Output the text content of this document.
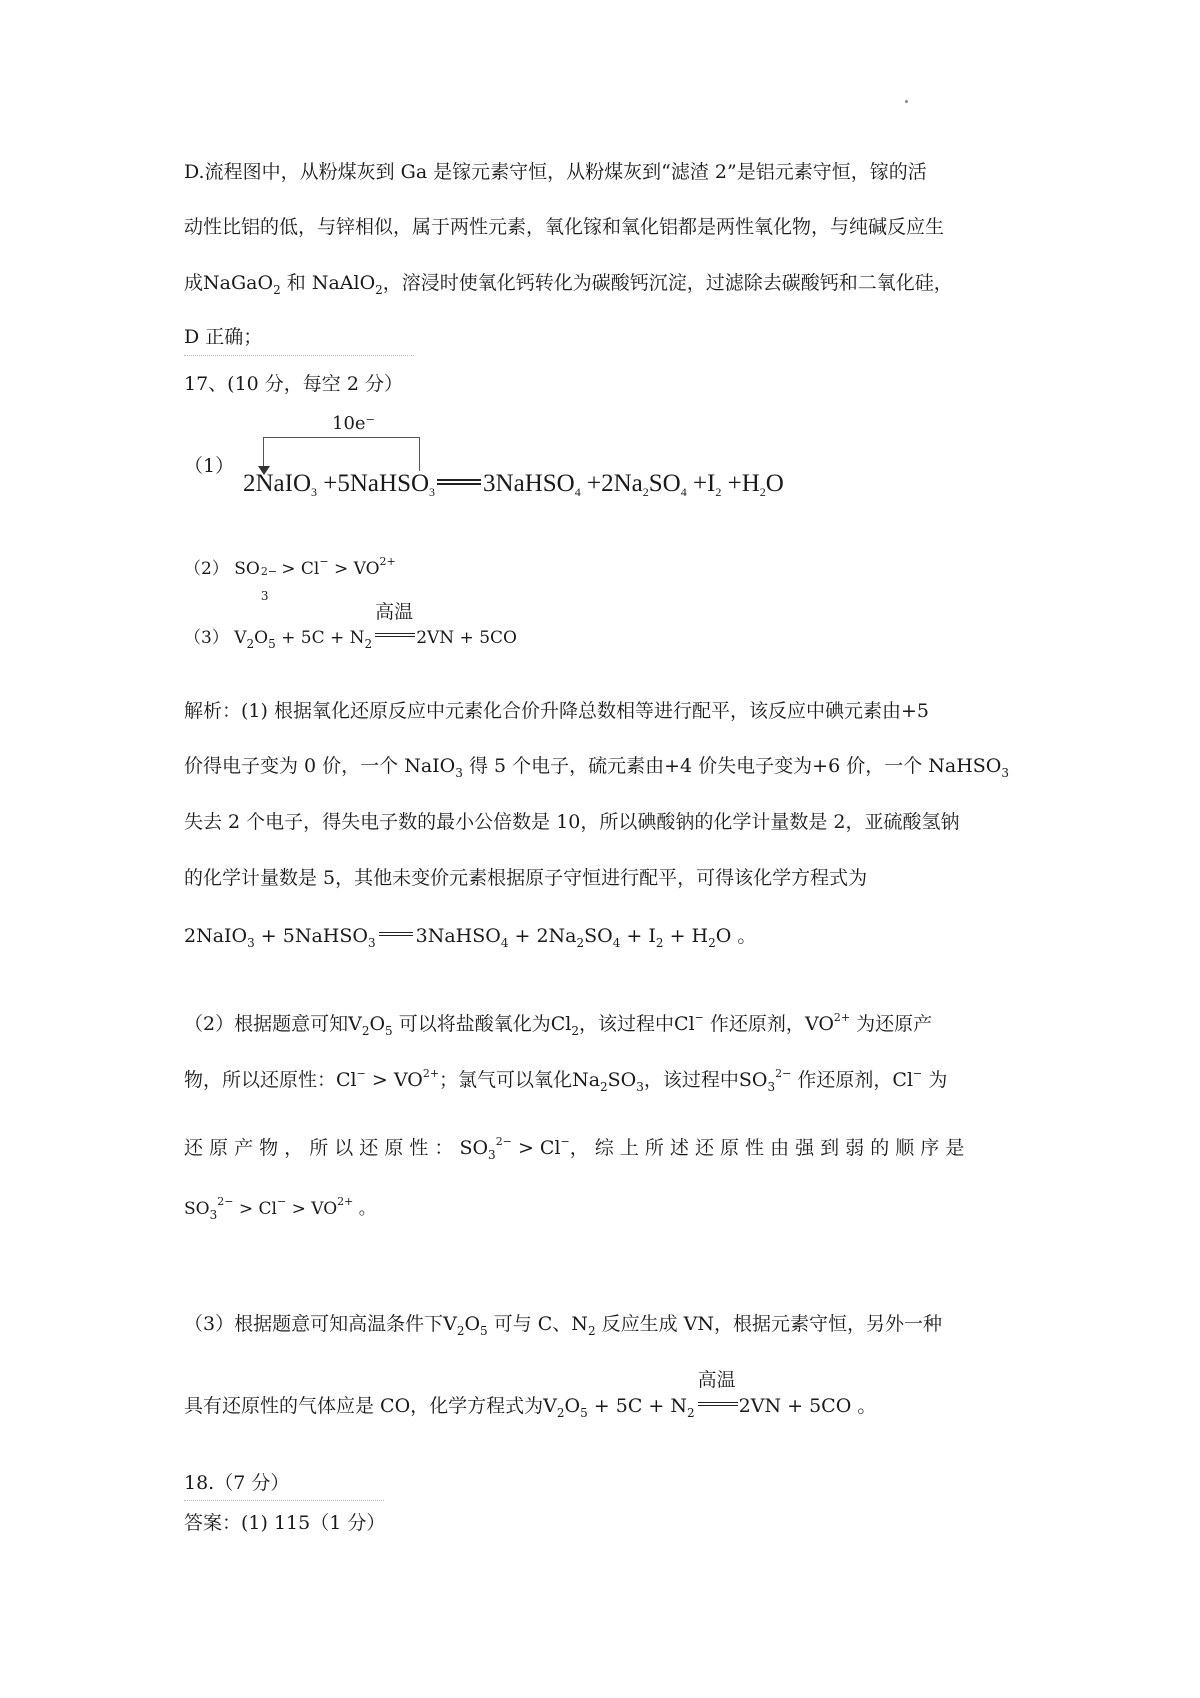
D.流程图中，从粉煤灰到 Ga 是镓元素守恒，从粉煤灰到“滤渣 2”是铝元素守恒，镓的活
动性比铝的低，与锌相似，属于两性元素，氧化镓和氧化铝都是两性氧化物，与纯碱反应生
成NaGaO$_2$ 和 NaAlO$_2$，溶浸时使氧化钙转化为碳酸钙沉淀，过滤除去碳酸钙和二氧化硅，
D 正确；
17、(10 分，每空 2 分）
10e⁻
（1）
2NaIO$_3$ +5NaHSO$_3$ 3NaHSO$_4$ $+2Na_2SO_4 +I_2 +H_2O$
（2） SO 2−
3
> $Cl^- > VO^{2+}$
（3） $V_2O_5 + 5C + N_2$
高温
2VN + 5CO
解析：(1) 根据氧化还原反应中元素化合价升降总数相等进行配平，该反应中碘元素由+5
价得电子变为 0 价，一个 NaIO$_3$ 得 5 个电子，硫元素由+4 价失电子变为+6 价，一个 NaHSO$_3$
失去 2 个电子，得失电子数的最小公倍数是 10，所以碘酸钠的化学计量数是 2，亚硫酸氢钠
的化学计量数是 5，其他未变价元素根据原子守恒进行配平，可得该化学方程式为
2NaIO$_3$ + 5NaHSO$_3$ 3NaHSO$_4$ + $2Na_2SO_4 + I_2 + H_2O$ 。
（2）根据题意可知$V_2O_5$ 可以将盐酸氧化为$Cl_2$，该过程中Cl− 作还原剂，$VO^{2+}$ 为还原产
物，所以还原性：$Cl^- > VO^{2+}$；氯气可以氧化$Na_2SO_3$，该过程中$SO_3^{2-}$ 作还原剂，Cl− 为
还 原 产 物 ， 所 以 还 原 性 ： $SO_3^{2-} > Cl^-$， 综 上 所 述 还 原 性 由 强 到 弱 的 顺 序 是
$SO_3^{2-} > Cl^- > VO^{2+}$ 。
（3）根据题意可知高温条件下$V_2O_5$ 可与 C、$N_2$ 反应生成 VN，根据元素守恒，另外一种
具有还原性的气体应是 CO，化学方程式为$V_2O_5 + 5C + N_2$
高温
2VN + 5CO 。
18.（7 分）
答案：(1) 115（1 分）
